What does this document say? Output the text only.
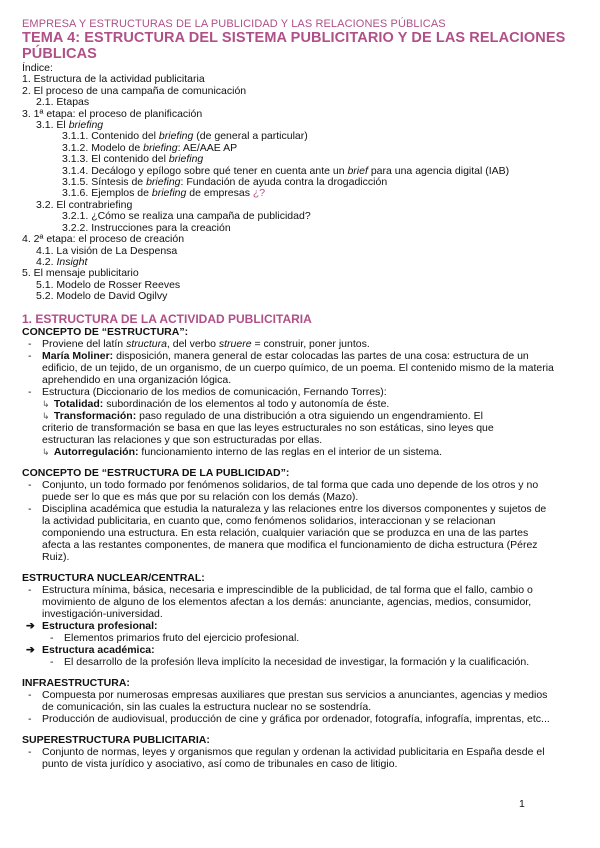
EMPRESA Y ESTRUCTURAS DE LA PUBLICIDAD Y LAS RELACIONES PÚBLICAS

TEMA 4: ESTRUCTURA DEL SISTEMA PUBLICITARIO Y DE LAS RELACIONES PÚBLICAS

Índice:
1. Estructura de la actividad publicitaria
2. El proceso de una campaña de comunicación
2.1. Etapas
3. 1ª etapa: el proceso de planificación
3.1. El briefing
3.1.1. Contenido del briefing (de general a particular)
3.1.2. Modelo de briefing: AE/AAE AP
3.1.3. El contenido del briefing
3.1.4. Decálogo y epílogo sobre qué tener en cuenta ante un brief para una agencia digital (IAB)
3.1.5. Síntesis de briefing: Fundación de ayuda contra la drogadicción
3.1.6. Ejemplos de briefing de empresas ¿?
3.2. El contrabriefing
3.2.1. ¿Cómo se realiza una campaña de publicidad?
3.2.2. Instrucciones para la creación
4. 2ª etapa: el proceso de creación
4.1. La visión de La Despensa
4.2. Insight
5. El mensaje publicitario
5.1. Modelo de Rosser Reeves
5.2. Modelo de David Ogilvy
1. ESTRUCTURA DE LA ACTIVIDAD PUBLICITARIA
CONCEPTO DE “ESTRUCTURA”:
- Proviene del latín structura, del verbo struere = construir, poner juntos.
- María Moliner: disposición, manera general de estar colocadas las partes de una cosa: estructura de un
edificio, de un tejido, de un organismo, de un cuerpo químico, de un poema. El contenido mismo de la materia
aprehendido en una organización lógica.
- Estructura (Diccionario de los medios de comunicación, Fernando Torres):
↳ Totalidad: subordinación de los elementos al todo y autonomía de éste.
↳ Transformación: paso regulado de una distribución a otra siguiendo un engendramiento. El
criterio de transformación se basa en que las leyes estructurales no son estáticas, sino leyes que
estructuran las relaciones y que son estructuradas por ellas.
↳ Autorregulación: funcionamiento interno de las reglas en el interior de un sistema.
CONCEPTO DE “ESTRUCTURA DE LA PUBLICIDAD”:
- Conjunto, un todo formado por fenómenos solidarios, de tal forma que cada uno depende de los otros y no
puede ser lo que es más que por su relación con los demás (Mazo).
- Disciplina académica que estudia la naturaleza y las relaciones entre los diversos componentes y sujetos de
la actividad publicitaria, en cuanto que, como fenómenos solidarios, interaccionan y se relacionan
componiendo una estructura. En esta relación, cualquier variación que se produzca en una de las partes
afecta a las restantes componentes, de manera que modifica el funcionamiento de dicha estructura (Pérez
Ruiz).
ESTRUCTURA NUCLEAR/CENTRAL:
- Estructura mínima, básica, necesaria e imprescindible de la publicidad, de tal forma que el fallo, cambio o
movimiento de alguno de los elementos afectan a los demás: anunciante, agencias, medios, consumidor,
investigación-universidad.
➔ Estructura profesional:
- Elementos primarios fruto del ejercicio profesional.
➔ Estructura académica:
- El desarrollo de la profesión lleva implícito la necesidad de investigar, la formación y la cualificación.
INFRAESTRUCTURA:
- Compuesta por numerosas empresas auxiliares que prestan sus servicios a anunciantes, agencias y medios
de comunicación, sin las cuales la estructura nuclear no se sostendría.
- Producción de audiovisual, producción de cine y gráfica por ordenador, fotografía, infografía, imprentas, etc...
SUPERESTRUCTURA PUBLICITARIA:
- Conjunto de normas, leyes y organismos que regulan y ordenan la actividad publicitaria en España desde el
punto de vista jurídico y asociativo, así como de tribunales en caso de litigio.
1
